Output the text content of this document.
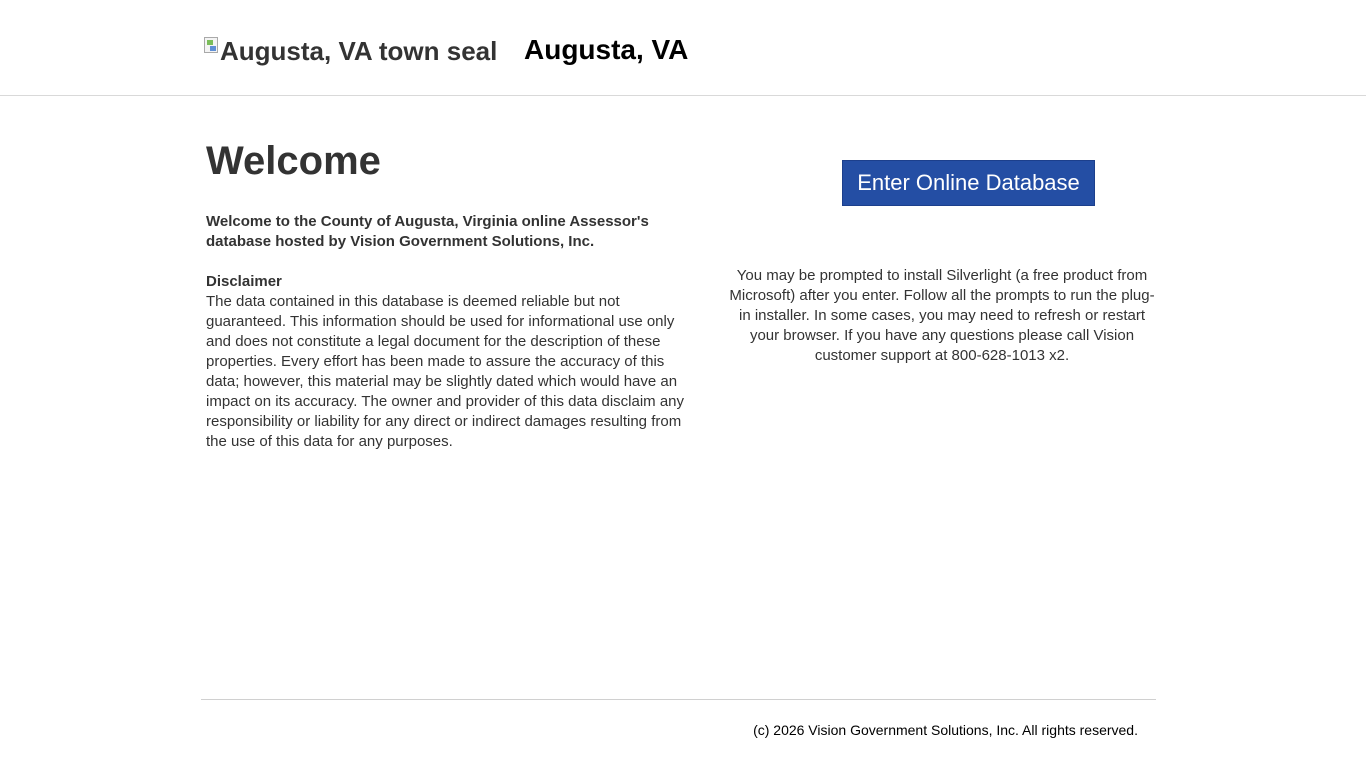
Augusta, VA town seal Augusta, VA
Welcome
Welcome to the County of Augusta, Virginia online Assessor's database hosted by Vision Government Solutions, Inc.
Disclaimer
The data contained in this database is deemed reliable but not guaranteed. This information should be used for informational use only and does not constitute a legal document for the description of these properties. Every effort has been made to assure the accuracy of this data; however, this material may be slightly dated which would have an impact on its accuracy. The owner and provider of this data disclaim any responsibility or liability for any direct or indirect damages resulting from the use of this data for any purposes.
Enter Online Database
You may be prompted to install Silverlight (a free product from Microsoft) after you enter. Follow all the prompts to run the plug-in installer. In some cases, you may need to refresh or restart your browser. If you have any questions please call Vision customer support at 800-628-1013 x2.
(c) 2026 Vision Government Solutions, Inc. All rights reserved.
